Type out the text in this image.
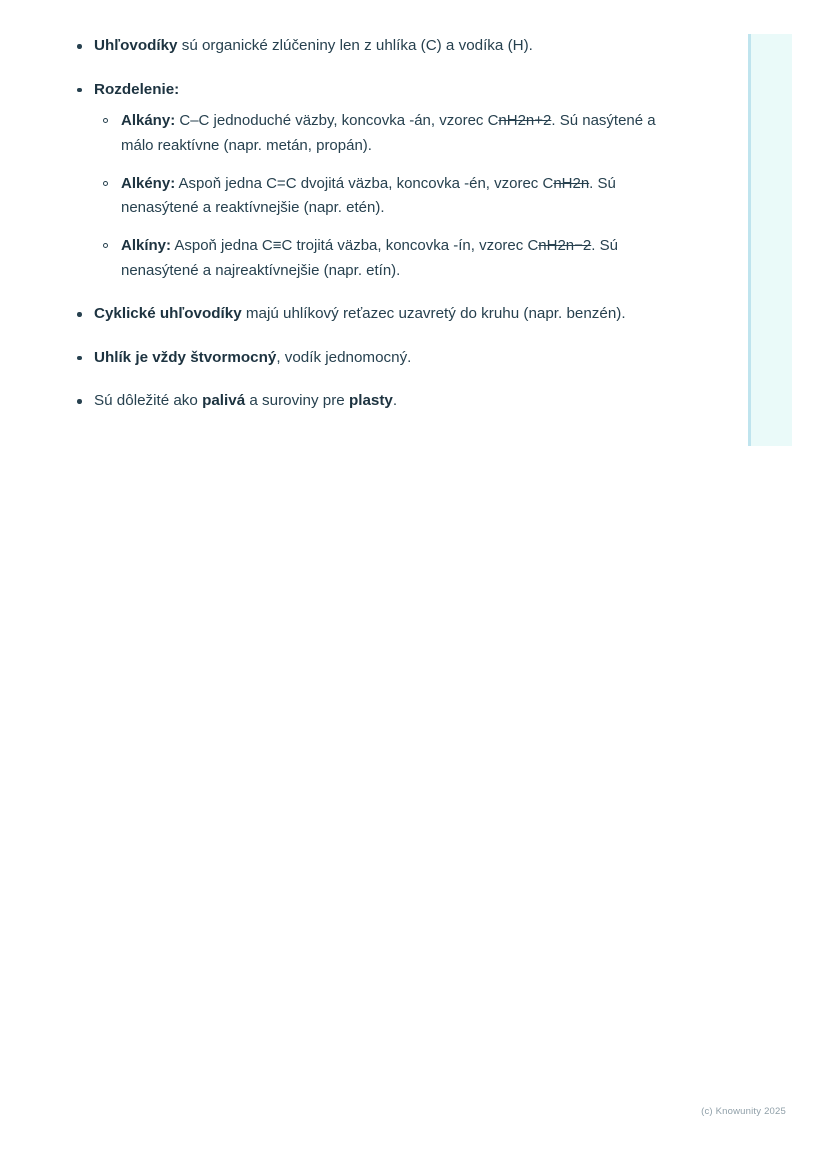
Uhľovodíky sú organické zlúčeniny len z uhlíka (C) a vodíka (H).
Rozdelenie:
Alkány: C–C jednoduché väzby, koncovka -án, vzorec CnH2n+2. Sú nasýtené a málo reaktívne (napr. metán, propán).
Alkény: Aspoň jedna C=C dvojitá väzba, koncovka -én, vzorec CnH2n. Sú nenasýtené a reaktívnejšie (napr. etén).
Alkíny: Aspoň jedna C≡C trojitá väzba, koncovka -ín, vzorec CnH2n−2. Sú nenasýtené a najreaktívnejšie (napr. etín).
Cyklické uhľovodíky majú uhlíkový reťazec uzavretý do kruhu (napr. benzén).
Uhlík je vždy štvormocný, vodík jednomocný.
Sú dôležité ako palivá a suroviny pre plasty.
(c) Knowunity 2025
